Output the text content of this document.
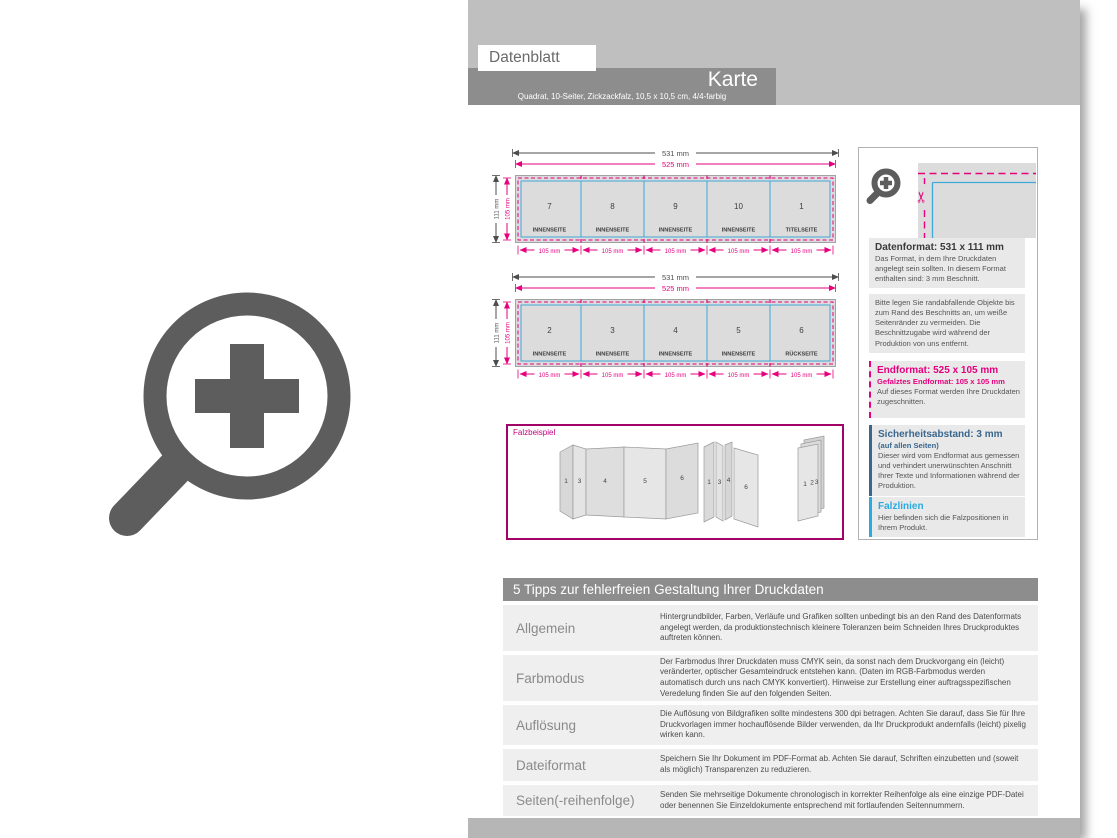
Datenblatt
Karte
Quadrat, 10-Seiter, Zickzackfalz, 10,5 x 10,5 cm, 4/4-farbig
531 mm
525 mm
7	8	9	10	1
INNENSEITE	INNENSEITE	INNENSEITE	INNENSEITE	TITELSEITE
105 mm	105 mm	105 mm	105 mm	105 mm
111 mm 105 mm
531 mm
525 mm
2	3	4	5	6
INNENSEITE	INNENSEITE	INNENSEITE	INNENSEITE	RÜCKSEITE
105 mm	105 mm	105 mm	105 mm	105 mm
111 mm 105 mm
Falzbeispiel
1 3	4	5	6
1 3 4
6	1 2 3
✂
Datenformat: 531 x 111 mm
Das Format, in dem Ihre Druckdaten angelegt sein sollten. In diesem Format enthalten sind: 3 mm Beschnitt.
Bitte legen Sie randabfallende Objekte bis zum Rand des Beschnitts an, um weiße Seitenränder zu vermeiden. Die Beschnittzugabe wird während der Produktion von uns entfernt.
Endformat: 525 x 105 mm
Gefalztes Endformat: 105 x 105 mm
Auf dieses Format werden Ihre Druckdaten zugeschnitten.
Sicherheitsabstand: 3 mm
(auf allen Seiten)
Dieser wird vom Endformat aus gemessen und verhindert unerwünschten Anschnitt Ihrer Texte und Informationen während der Produktion.
Falzlinien
Hier befinden sich die Falzpositionen in Ihrem Produkt.
5 Tipps zur fehlerfreien Gestaltung Ihrer Druckdaten
Allgemein
Hintergrundbilder, Farben, Verläufe und Grafiken sollten unbedingt bis an den Rand des Datenformats angelegt werden, da produktionstechnisch kleinere Toleranzen beim Schneiden Ihres Druckproduktes auftreten können.
Farbmodus
Der Farbmodus Ihrer Druckdaten muss CMYK sein, da sonst nach dem Druckvorgang ein (leicht) veränderter, optischer Gesamteindruck entstehen kann. (Daten im RGB-Farbmodus werden automatisch durch uns nach CMYK konvertiert). Hinweise zur Erstellung einer auftragsspezifischen Veredelung finden Sie auf den folgenden Seiten.
Auflösung
Die Auflösung von Bildgrafiken sollte mindestens 300 dpi betragen. Achten Sie darauf, dass Sie für Ihre Druckvorlagen immer hochauflösende Bilder verwenden, da Ihr Druckprodukt andernfalls (leicht) pixelig wirken kann.
Dateiformat	Speichern Sie Ihr Dokument im PDF-Format ab. Achten Sie darauf, Schriften einzubetten und (soweit als möglich) Transparenzen zu reduzieren.
Seiten(-reihenfolge)	Senden Sie mehrseitige Dokumente chronologisch in korrekter Reihenfolge als eine einzige PDF-Datei oder benennen Sie Einzeldokumente entsprechend mit fortlaufenden Seitennummern.
